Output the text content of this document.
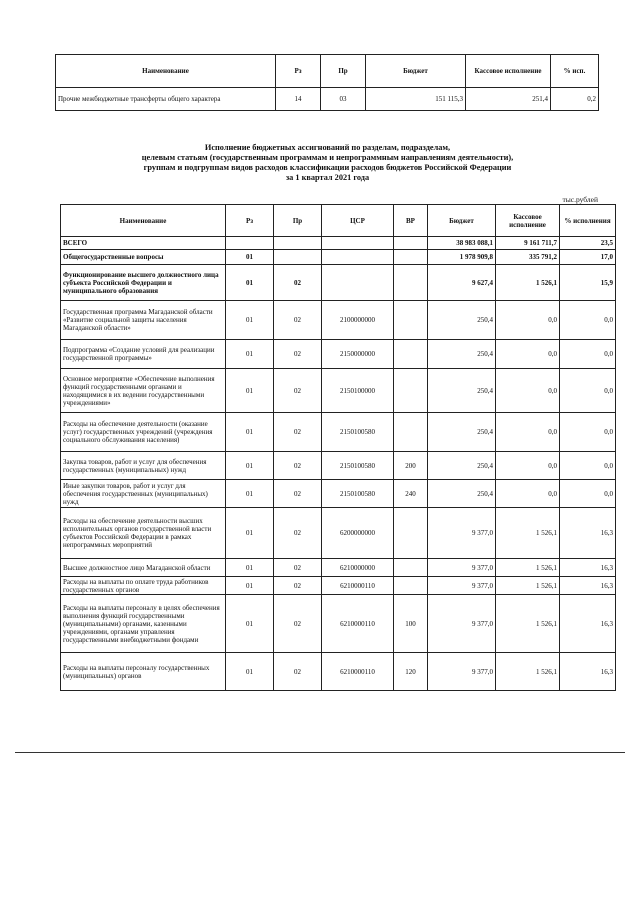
Наименование	Рз	Пр	Бюджет	Кассовое исполнение	% исп.
Прочие межбюджетные трансферты общего характера	14	03	151 115,3	251,4	0,2
Исполнение бюджетных ассигнований по разделам, подразделам,
целевым статьям (государственным программам и непрограммным направлениям деятельности),
группам и подгруппам видов расходов классификации расходов бюджетов Российской Федерации
за 1 квартал 2021 года
тыс.рублей
Наименование	Рз	Пр	ЦСР	ВР	Бюджет	Кассовое исполнение	% исполнения
ВСЕГО					38 983 088,1	9 161 711,7	23,5
Общегосударственные вопросы	01				1 978 909,8	335 791,2	17,0
Функционирование высшего должностного лица субъекта Российской Федерации и муниципального образования	01	02			9 627,4	1 526,1	15,9
Государственная программа Магаданской области «Развитие социальной защиты населения Магаданской области»	01	02	2100000000		250,4	0,0	0,0
Подпрограмма «Создание условий для реализации государственной программы»	01	02	2150000000		250,4	0,0	0,0
Основное мероприятие «Обеспечение выполнения функций государственными органами и находящимися в их ведении государственными учреждениями»	01	02	2150100000		250,4	0,0	0,0
Расходы на обеспечение деятельности (оказание услуг) государственных учреждений (учреждения социального обслуживания населения)	01	02	2150100580		250,4	0,0	0,0
Закупка товаров, работ и услуг для обеспечения государственных (муниципальных) нужд	01	02	2150100580	200	250,4	0,0	0,0
Иные закупки товаров, работ и услуг для обеспечения государственных (муниципальных) нужд	01	02	2150100580	240	250,4	0,0	0,0
Расходы на обеспечение деятельности высших исполнительных органов государственной власти субъектов Российской Федерации в рамках непрограммных мероприятий	01	02	6200000000		9 377,0	1 526,1	16,3
Высшее должностное лицо Магаданской области	01	02	6210000000		9 377,0	1 526,1	16,3
Расходы на выплаты по оплате труда работников государственных органов	01	02	6210000110		9 377,0	1 526,1	16,3
Расходы на выплаты персоналу в целях обеспечения выполнения функций государственными (муниципальными) органами, казенными учреждениями, органами управления государственными внебюджетными фондами	01	02	6210000110	100	9 377,0	1 526,1	16,3
Расходы на выплаты персоналу государственных (муниципальных) органов	01	02	6210000110	120	9 377,0	1 526,1	16,3
